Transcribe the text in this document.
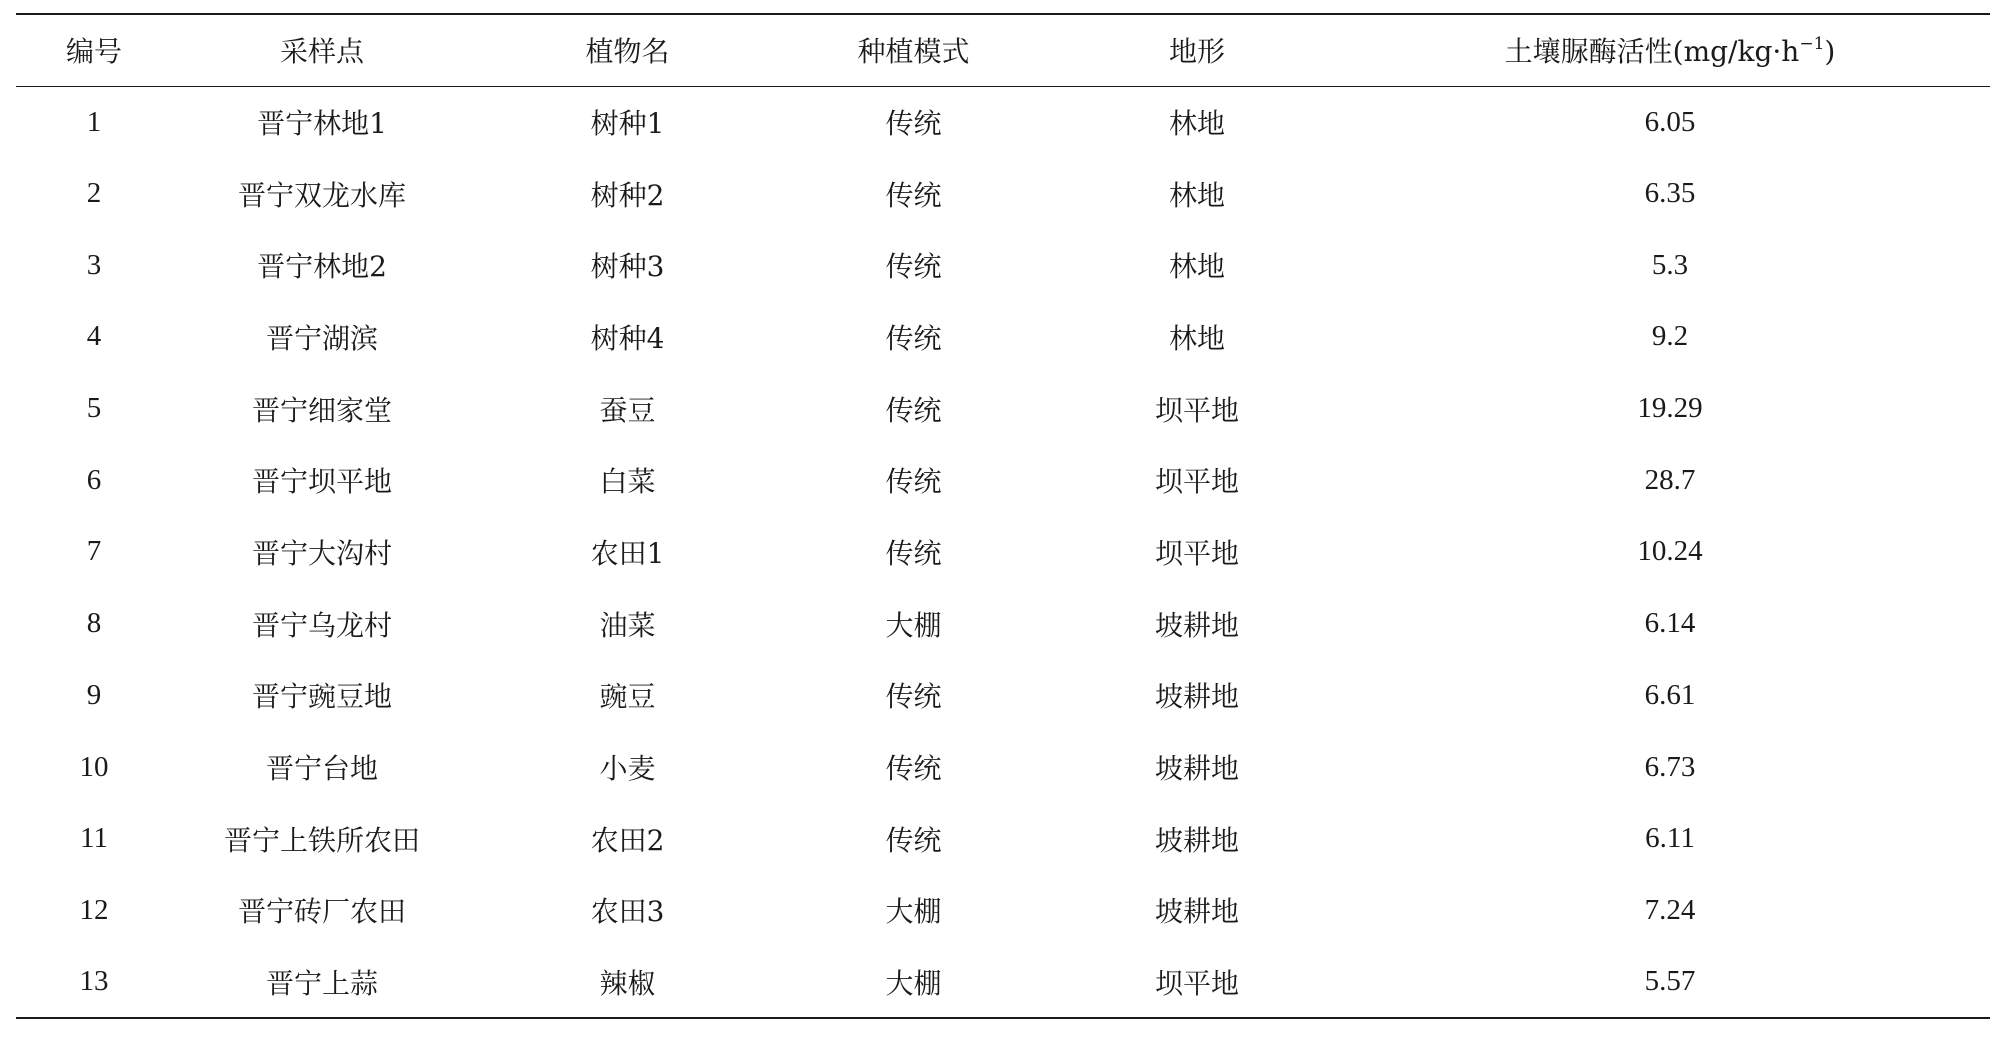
编号	采样点	植物名	种植模式	地形	土壤脲酶活性$(mg/kg\cdot h^{-1})$
1	晋宁林地1	树种1	传统	林地	6.05
2	晋宁双龙水库	树种2	传统	林地	6.35
3	晋宁林地2	树种3	传统	林地	5.3
4	晋宁湖滨	树种4	传统	林地	9.2
5	晋宁细家堂	蚕豆	传统	坝平地	19.29
6	晋宁坝平地	白菜	传统	坝平地	28.7
7	晋宁大沟村	农田1	传统	坝平地	10.24
8	晋宁乌龙村	油菜	大棚	坡耕地	6.14
9	晋宁豌豆地	豌豆	传统	坡耕地	6.61
10	晋宁台地	小麦	传统	坡耕地	6.73
11	晋宁上铁所农田	农田2	传统	坡耕地	6.11
12	晋宁砖厂农田	农田3	大棚	坡耕地	7.24
13	晋宁上蒜	辣椒	大棚	坝平地	5.57
